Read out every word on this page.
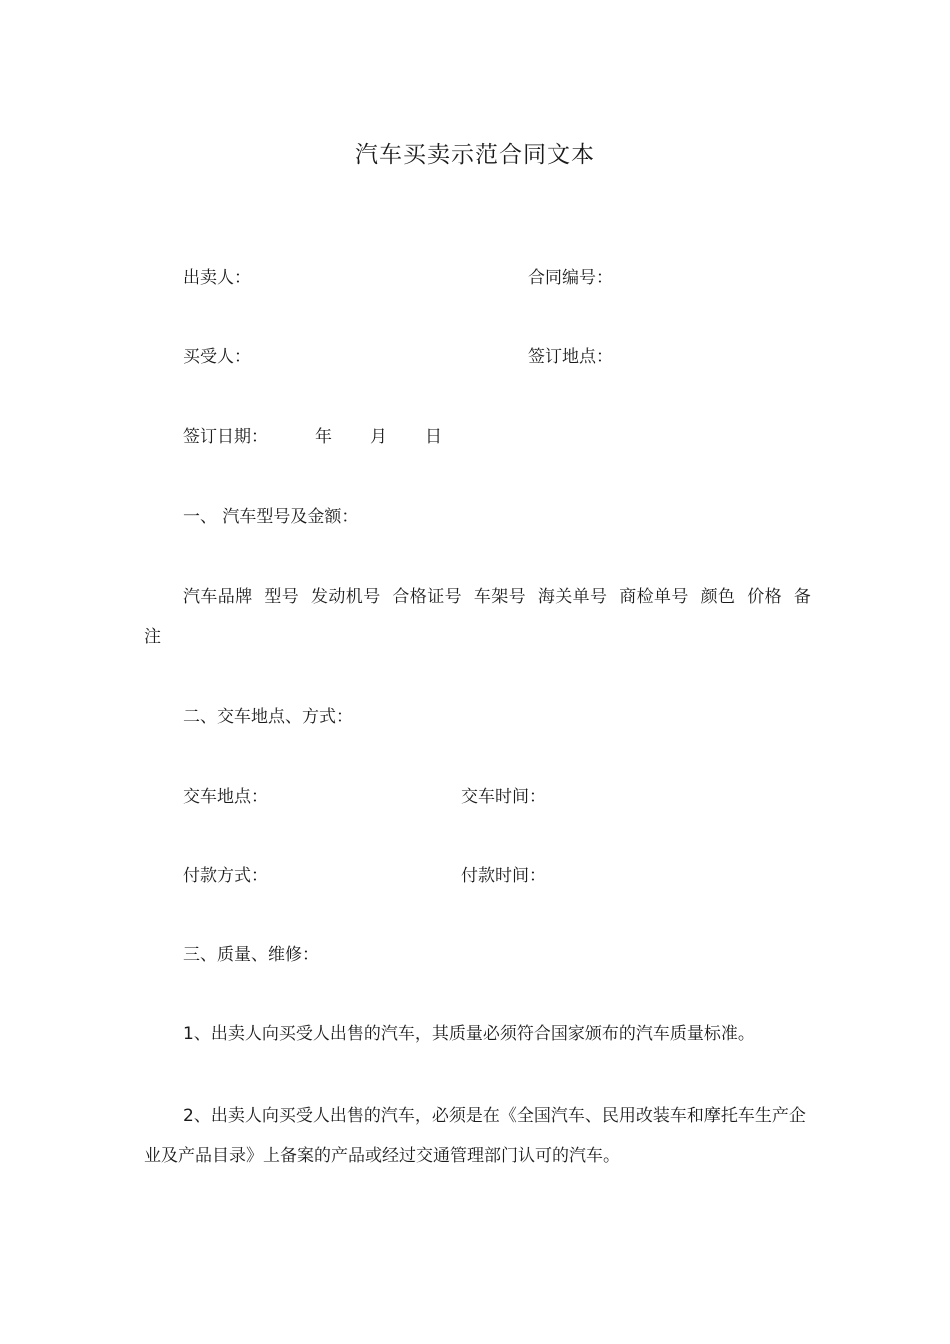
汽车买卖示范合同文本
出卖人：	合同编号：
买受人：	签订地点：
签订日期：	年 月 日
一、 汽车型号及金额：
汽车品牌 型号 发动机号 合格证号 车架号 海关单号 商检单号 颜色 价格 备注
二、交车地点、方式：
交车地点：	交车时间：
付款方式：	付款时间：
三、质量、维修：
1、出卖人向买受人出售的汽车，其质量必须符合国家颁布的汽车质量标准。
2、出卖人向买受人出售的汽车，必须是在《全国汽车、民用改装车和摩托车生产企业及产品目录》上备案的产品或经过交通管理部门认可的汽车。
